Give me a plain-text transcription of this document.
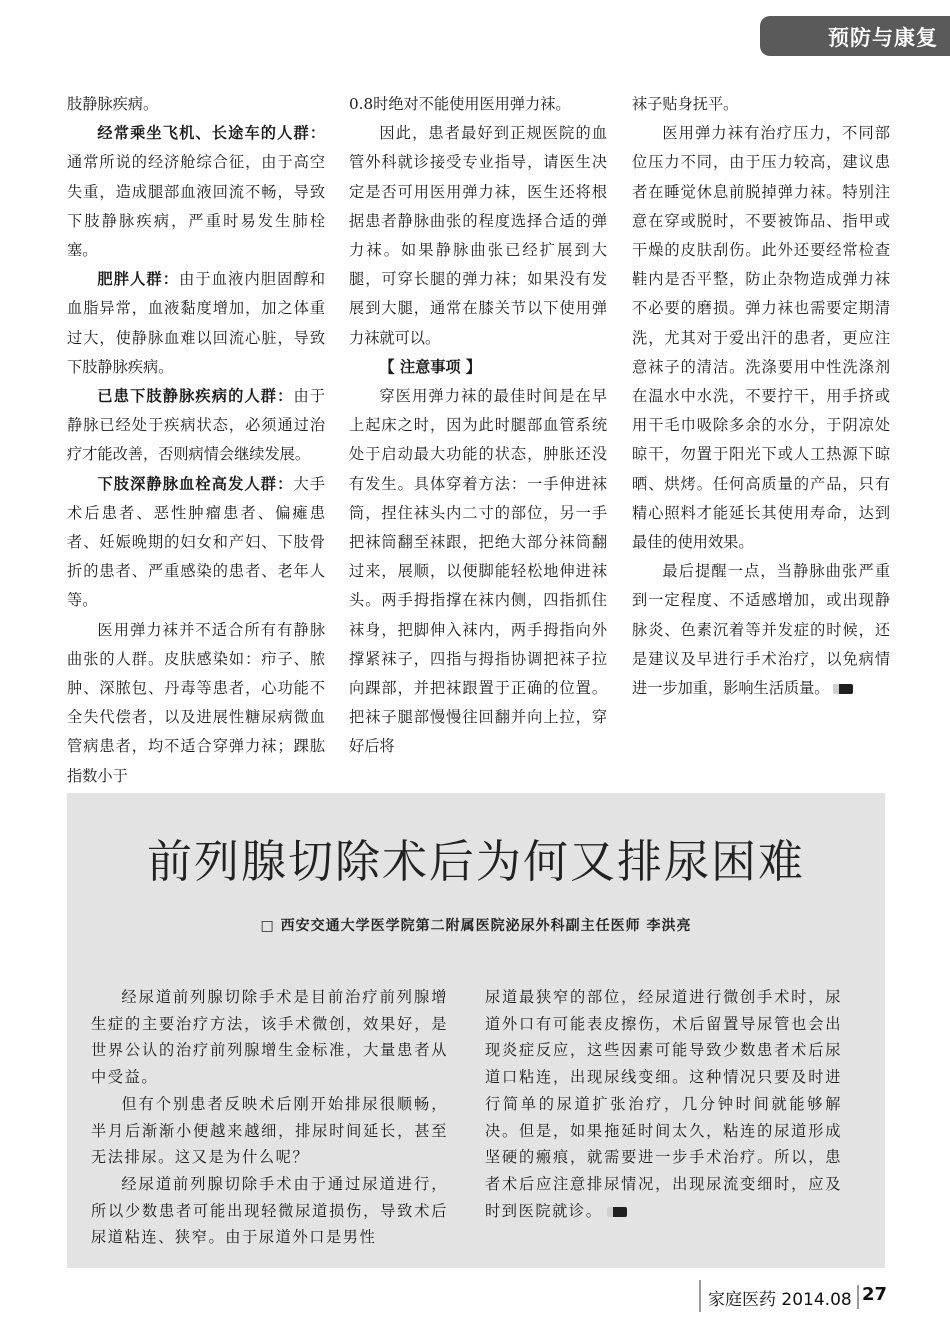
预防与康复

肢静脉疾病。

经常乘坐飞机、长途车的人群：通常所说的经济舱综合征，由于高空失重，造成腿部血液回流不畅，导致下肢静脉疾病，严重时易发生肺栓塞。

肥胖人群：由于血液内胆固醇和血脂异常，血液黏度增加，加之体重过大，使静脉血难以回流心脏，导致下肢静脉疾病。

已患下肢静脉疾病的人群：由于静脉已经处于疾病状态，必须通过治疗才能改善，否则病情会继续发展。

下肢深静脉血栓高发人群：大手术后患者、恶性肿瘤患者、偏瘫患者、妊娠晚期的妇女和产妇、下肢骨折的患者、严重感染的患者、老年人等。

医用弹力袜并不适合所有有静脉曲张的人群。皮肤感染如：疖子、脓肿、深脓包、丹毒等患者，心功能不全失代偿者，以及进展性糖尿病微血管病患者，均不适合穿弹力袜；踝肱指数小于

0.8时绝对不能使用医用弹力袜。

因此，患者最好到正规医院的血管外科就诊接受专业指导，请医生决定是否可用医用弹力袜，医生还将根据患者静脉曲张的程度选择合适的弹力袜。如果静脉曲张已经扩展到大腿，可穿长腿的弹力袜；如果没有发展到大腿，通常在膝关节以下使用弹力袜就可以。

【 注意事项 】

穿医用弹力袜的最佳时间是在早上起床之时，因为此时腿部血管系统处于启动最大功能的状态，肿胀还没有发生。具体穿着方法：一手伸进袜筒，捏住袜头内二寸的部位，另一手把袜筒翻至袜跟，把绝大部分袜筒翻过来，展顺，以便脚能轻松地伸进袜头。两手拇指撑在袜内侧，四指抓住袜身，把脚伸入袜内，两手拇指向外撑紧袜子，四指与拇指协调把袜子拉向踝部，并把袜跟置于正确的位置。把袜子腿部慢慢往回翻并向上拉，穿好后将

袜子贴身抚平。

医用弹力袜有治疗压力，不同部位压力不同，由于压力较高，建议患者在睡觉休息前脱掉弹力袜。特别注意在穿或脱时，不要被饰品、指甲或干燥的皮肤刮伤。此外还要经常检查鞋内是否平整，防止杂物造成弹力袜不必要的磨损。弹力袜也需要定期清洗，尤其对于爱出汗的患者，更应注意袜子的清洁。洗涤要用中性洗涤剂在温水中水洗，不要拧干，用手挤或用干毛巾吸除多余的水分，于阴凉处晾干，勿置于阳光下或人工热源下晾晒、烘烤。任何高质量的产品，只有精心照料才能延长其使用寿命，达到最佳的使用效果。

最后提醒一点，当静脉曲张严重到一定程度、不适感增加，或出现静脉炎、色素沉着等并发症的时候，还是建议及早进行手术治疗，以免病情进一步加重，影响生活质量。

前列腺切除术后为何又排尿困难
□ 西安交通大学医学院第二附属医院泌尿外科副主任医师 李洪亮

经尿道前列腺切除手术是目前治疗前列腺增生症的主要治疗方法，该手术微创，效果好，是世界公认的治疗前列腺增生金标准，大量患者从中受益。

但有个别患者反映术后刚开始排尿很顺畅，半月后渐渐小便越来越细，排尿时间延长，甚至无法排尿。这又是为什么呢？

经尿道前列腺切除手术由于通过尿道进行，所以少数患者可能出现轻微尿道损伤，导致术后尿道粘连、狭窄。由于尿道外口是男性

尿道最狭窄的部位，经尿道进行微创手术时，尿道外口有可能表皮擦伤，术后留置导尿管也会出现炎症反应，这些因素可能导致少数患者术后尿道口粘连，出现尿线变细。这种情况只要及时进行简单的尿道扩张治疗，几分钟时间就能够解决。但是，如果拖延时间太久，粘连的尿道形成坚硬的瘢痕，就需要进一步手术治疗。所以，患者术后应注意排尿情况，出现尿流变细时，应及时到医院就诊。

家庭医药 2014.08 27
